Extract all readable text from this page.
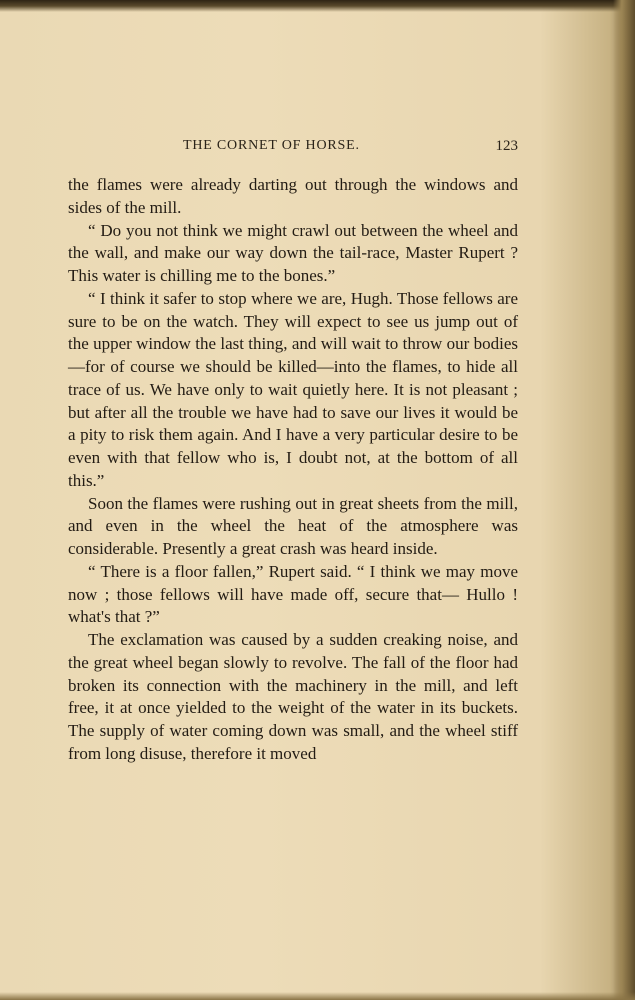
THE CORNET OF HORSE.	123

the flames were already darting out through the windows and sides of the mill.

“ Do you not think we might crawl out between the wheel and the wall, and make our way down the tail-race, Master Rupert ? This water is chilling me to the bones.”

“ I think it safer to stop where we are, Hugh. Those fellows are sure to be on the watch. They will expect to see us jump out of the upper window the last thing, and will wait to throw our bodies—for of course we should be killed—into the flames, to hide all trace of us. We have only to wait quietly here. It is not pleasant ; but after all the trouble we have had to save our lives it would be a pity to risk them again. And I have a very particular desire to be even with that fellow who is, I doubt not, at the bottom of all this.”

Soon the flames were rushing out in great sheets from the mill, and even in the wheel the heat of the atmosphere was considerable. Presently a great crash was heard inside.

“ There is a floor fallen,” Rupert said. “ I think we may move now ; those fellows will have made off, secure that— Hullo ! what's that ?”

The exclamation was caused by a sudden creaking noise, and the great wheel began slowly to revolve. The fall of the floor had broken its connection with the machinery in the mill, and left free, it at once yielded to the weight of the water in its buckets. The supply of water coming down was small, and the wheel stiff from long disuse, therefore it moved
